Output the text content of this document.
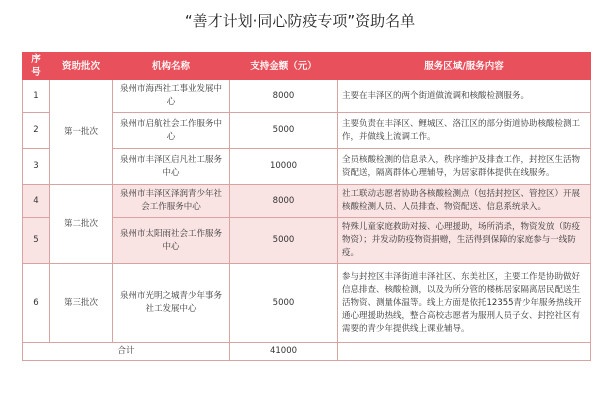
“善才计划·同心防疫专项”资助名单
序号	资助批次	机构名称	支持金额（元）	服务区域/服务内容
1	第一批次	泉州市海西社工事业发展中心	8000	主要在丰泽区的两个街道做流调和核酸检测服务。
2		泉州市启航社会工作服务中心	5000	主要负责在丰泽区、鲤城区、洛江区的部分街道协助核酸检测工作，并做线上流调工作。
3		泉州市丰泽区启凡社工服务中心	10000	全员核酸检测的信息录入，秩序维护及排查工作，封控区生活物资配送，隔离群体心理辅导，为居家群体提供在线服务。
4	第二批次	泉州市丰泽区泽润青少年社会工作服务中心	8000	社工联动志愿者协助各核酸检测点（包括封控区、管控区）开展核酸检测人员、人员排查、物资配送、信息系统录入。
5		泉州市太阳雨社会工作服务中心	5000	特殊儿童家庭救助对接、心理援助，场所消杀，物资发放（防疫物资）；并发动防疫物资捐赠，生活得到保障的家庭参与一线防疫。
6	第三批次	泉州市光明之城青少年事务社工发展中心	5000	参与封控区丰泽街道丰泽社区、东美社区，主要工作是协助做好信息排查、核酸检测，以及为所分管的楼栋居家隔离居民配送生活物资、测量体温等。线上方面是依托12355青少年服务热线开通心理援助热线，整合高校志愿者为服刑人员子女、封控社区有需要的青少年提供线上课业辅导。
合计			41000	
